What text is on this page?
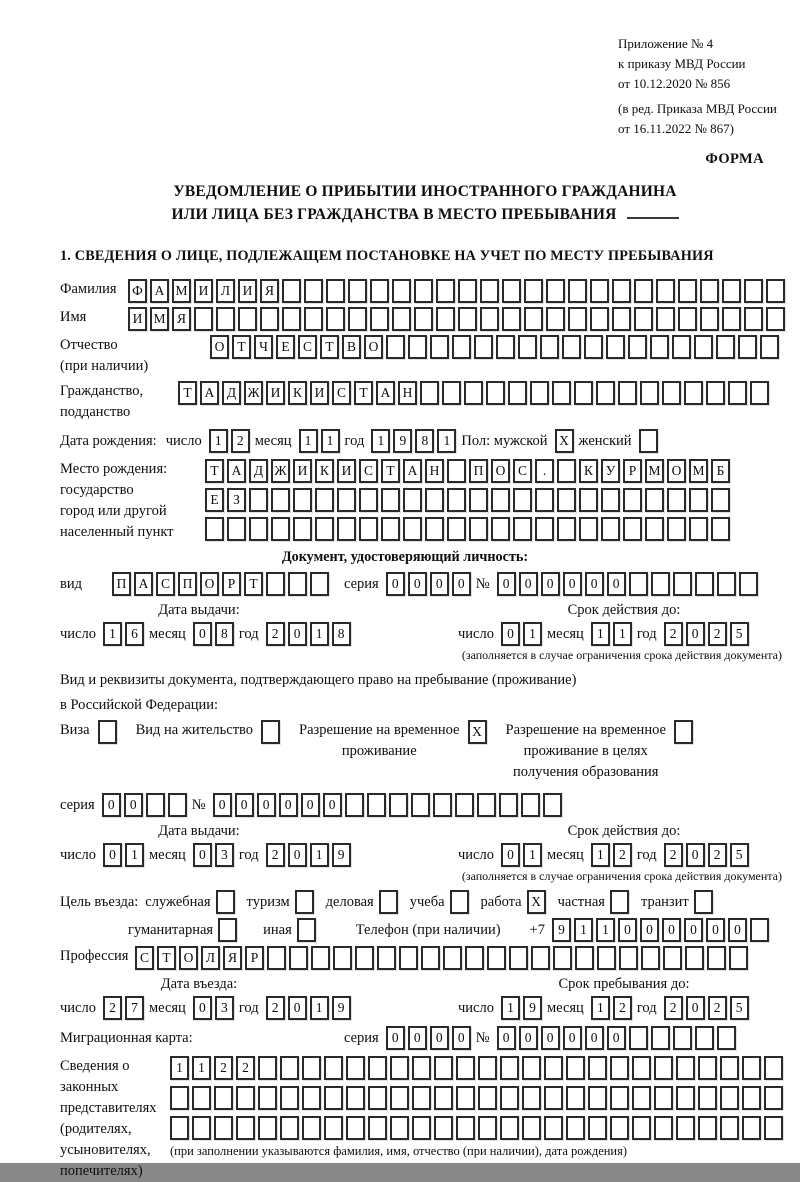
Приложение № 4
к приказу МВД России
от 10.12.2020 № 856
(в ред. Приказа МВД России
от 16.11.2022 № 867)
ФОРМА
УВЕДОМЛЕНИЕ О ПРИБЫТИИ ИНОСТРАННОГО ГРАЖДАНИНА
ИЛИ ЛИЦА БЕЗ ГРАЖДАНСТВА В МЕСТО ПРЕБЫВАНИЯ
1. СВЕДЕНИЯ О ЛИЦЕ, ПОДЛЕЖАЩЕМ ПОСТАНОВКЕ НА УЧЕТ ПО МЕСТУ ПРЕБЫВАНИЯ
Фамилия	Ф А М И Л И Я
Имя	И М Я
Отчество
(при наличии)
О Т Ч Е С Т В О
Гражданство,
подданство
Т А Д Ж И К И С Т А Н
Дата рождения: число 1	2 месяц 1	1 год 1	9	8	1 Пол: мужской X женский
Место рождения:
государство
город или другой
населенный пункт
Т А Д Ж И К И С Т А Н	П О С	.	К У Р М О М Б
Е	З
Документ, удостоверяющий личность:
вид	П А С П О Р	Т	серия 0	0	0	0 № 0	0	0	0	0	0
Дата выдачи:
число 1	6 месяц 0	8 год 2	0	1	8
Срок действия до:
число 0	1 месяц 1	1 год 2	0	2	5
(заполняется в случае ограничения срока действия документа)
Вид и реквизиты документа, подтверждающего право на пребывание (проживание)
в Российской Федерации:
Виза	Вид на жительство	Разрешение на временное
проживание
X	Разрешение на временное
проживание в целях
получения образования
серия 0	0	№ 0	0	0	0	0	0
Дата выдачи:
число 0	1 месяц 0	3 год 2	0	1	9
Срок действия до:
число 0	1 месяц 1	2 год 2	0	2	5
(заполняется в случае ограничения срока действия документа)
Цель въезда: служебная туризм деловая учеба работа X	частная транзит
гуманитарная	иная	Телефон (при наличии) +7 9	1	1	0	0	0	0	0	0
Профессия С Т О Л Я	Р
Дата въезда:
число 2	7 месяц 0	3 год 2	0	1	9
Срок пребывания до:
число 1	9 месяц 1	2 год 2	0	2	5
Миграционная карта:	серия 0	0	0	0 № 0	0	0	0	0	0
Сведения о
законных
представителях
(родителях,
усыновителях,
попечителях)
1	1	2	2
(при заполнении указываются фамилия, имя, отчество (при наличии), дата рождения)
